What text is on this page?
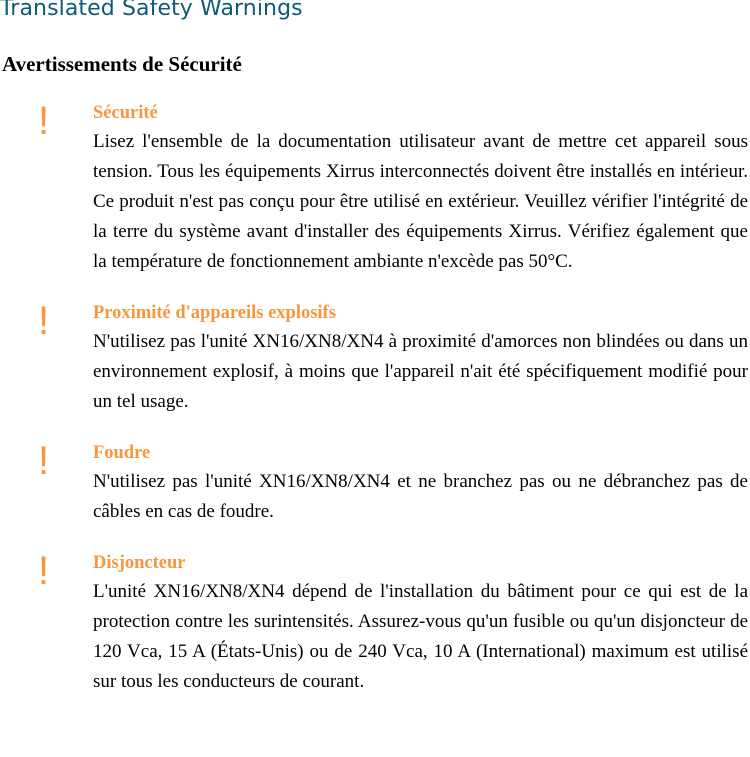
Translated Safety Warnings
Avertissements de Sécurité
! Sécurité
Lisez l'ensemble de la documentation utilisateur avant de mettre cet appareil sous tension. Tous les équipements Xirrus interconnectés doivent être installés en intérieur. Ce produit n'est pas conçu pour être utilisé en extérieur. Veuillez vérifier l'intégrité de la terre du système avant d'installer des équipements Xirrus. Vérifiez également que la température de fonctionnement ambiante n'excède pas 50°C.
! Proximité d'appareils explosifs
N'utilisez pas l'unité XN16/XN8/XN4 à proximité d'amorces non blindées ou dans un environnement explosif, à moins que l'appareil n'ait été spécifiquement modifié pour un tel usage.
! Foudre
N'utilisez pas l'unité XN16/XN8/XN4 et ne branchez pas ou ne débranchez pas de câbles en cas de foudre.
! Disjoncteur
L'unité XN16/XN8/XN4 dépend de l'installation du bâtiment pour ce qui est de la protection contre les surintensités. Assurez-vous qu'un fusible ou qu'un disjoncteur de 120 Vca, 15 A (États-Unis) ou de 240 Vca, 10 A (International) maximum est utilisé sur tous les conducteurs de courant.
